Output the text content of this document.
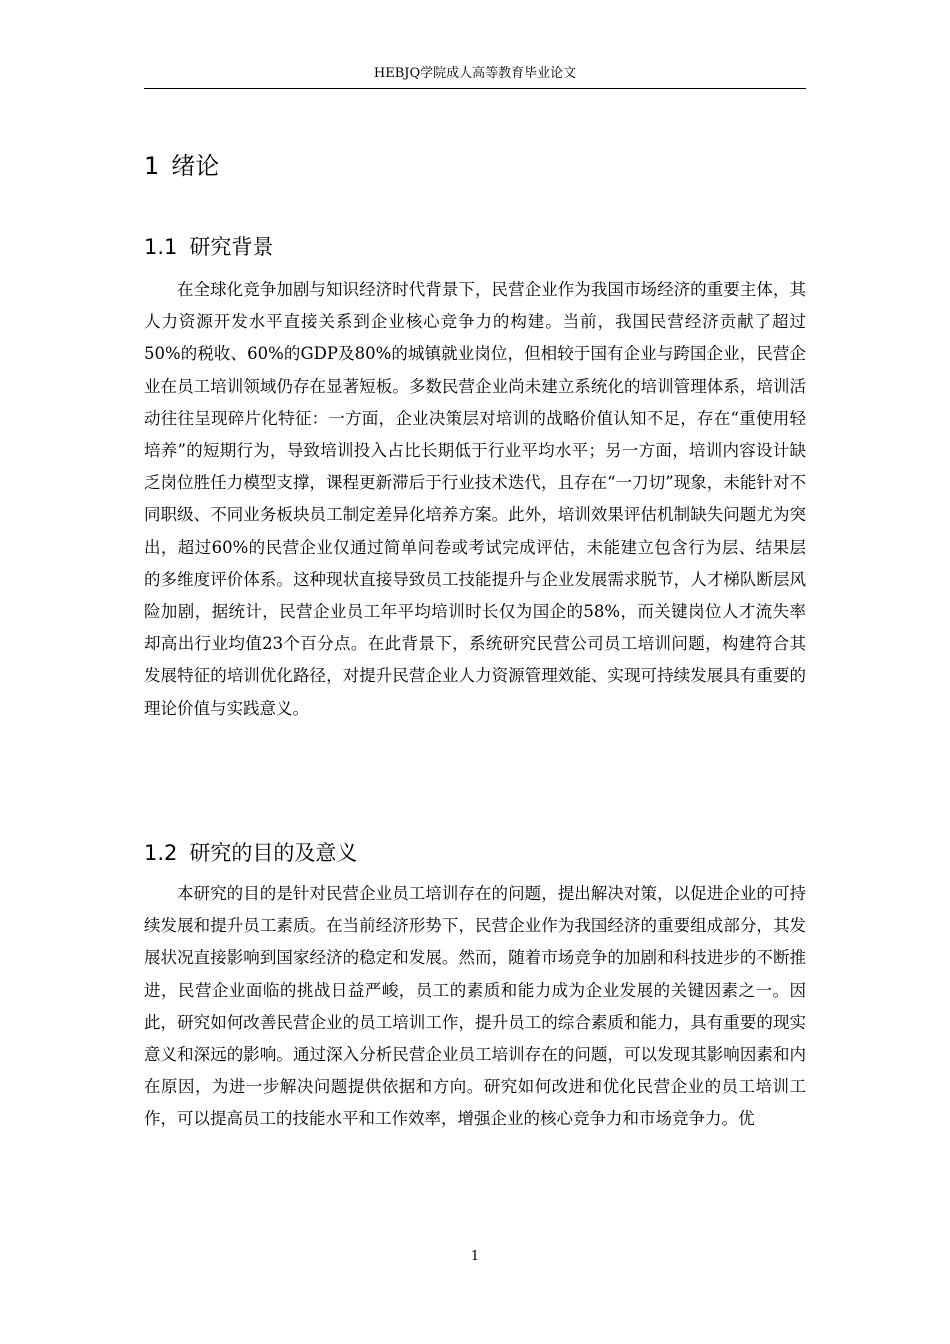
HEBJQ学院成人高等教育毕业论文
1 绪论
1.1 研究背景

在全球化竞争加剧与知识经济时代背景下，民营企业作为我国市场经济的重要主体，其人力资源开发水平直接关系到企业核心竞争力的构建。当前，我国民营经济贡献了超过50%的税收、60%的GDP及80%的城镇就业岗位，但相较于国有企业与跨国企业，民营企业在员工培训领域仍存在显著短板。多数民营企业尚未建立系统化的培训管理体系，培训活动往往呈现碎片化特征：一方面，企业决策层对培训的战略价值认知不足，存在“重使用轻培养”的短期行为，导致培训投入占比长期低于行业平均水平；另一方面，培训内容设计缺乏岗位胜任力模型支撑，课程更新滞后于行业技术迭代，且存在“一刀切”现象，未能针对不同职级、不同业务板块员工制定差异化培养方案。此外，培训效果评估机制缺失问题尤为突出，超过60%的民营企业仅通过简单问卷或考试完成评估，未能建立包含行为层、结果层的多维度评价体系。这种现状直接导致员工技能提升与企业发展需求脱节，人才梯队断层风险加剧，据统计，民营企业员工年平均培训时长仅为国企的58%，而关键岗位人才流失率却高出行业均值23个百分点。在此背景下，系统研究民营公司员工培训问题，构建符合其发展特征的培训优化路径，对提升民营企业人力资源管理效能、实现可持续发展具有重要的理论价值与实践意义。

1.2 研究的目的及意义

本研究的目的是针对民营企业员工培训存在的问题，提出解决对策，以促进企业的可持续发展和提升员工素质。在当前经济形势下，民营企业作为我国经济的重要组成部分，其发展状况直接影响到国家经济的稳定和发展。然而，随着市场竞争的加剧和科技进步的不断推进，民营企业面临的挑战日益严峻，员工的素质和能力成为企业发展的关键因素之一。因此，研究如何改善民营企业的员工培训工作，提升员工的综合素质和能力，具有重要的现实意义和深远的影响。通过深入分析民营企业员工培训存在的问题，可以发现其影响因素和内在原因，为进一步解决问题提供依据和方向。研究如何改进和优化民营企业的员工培训工作，可以提高员工的技能水平和工作效率，增强企业的核心竞争力和市场竞争力。优

1
